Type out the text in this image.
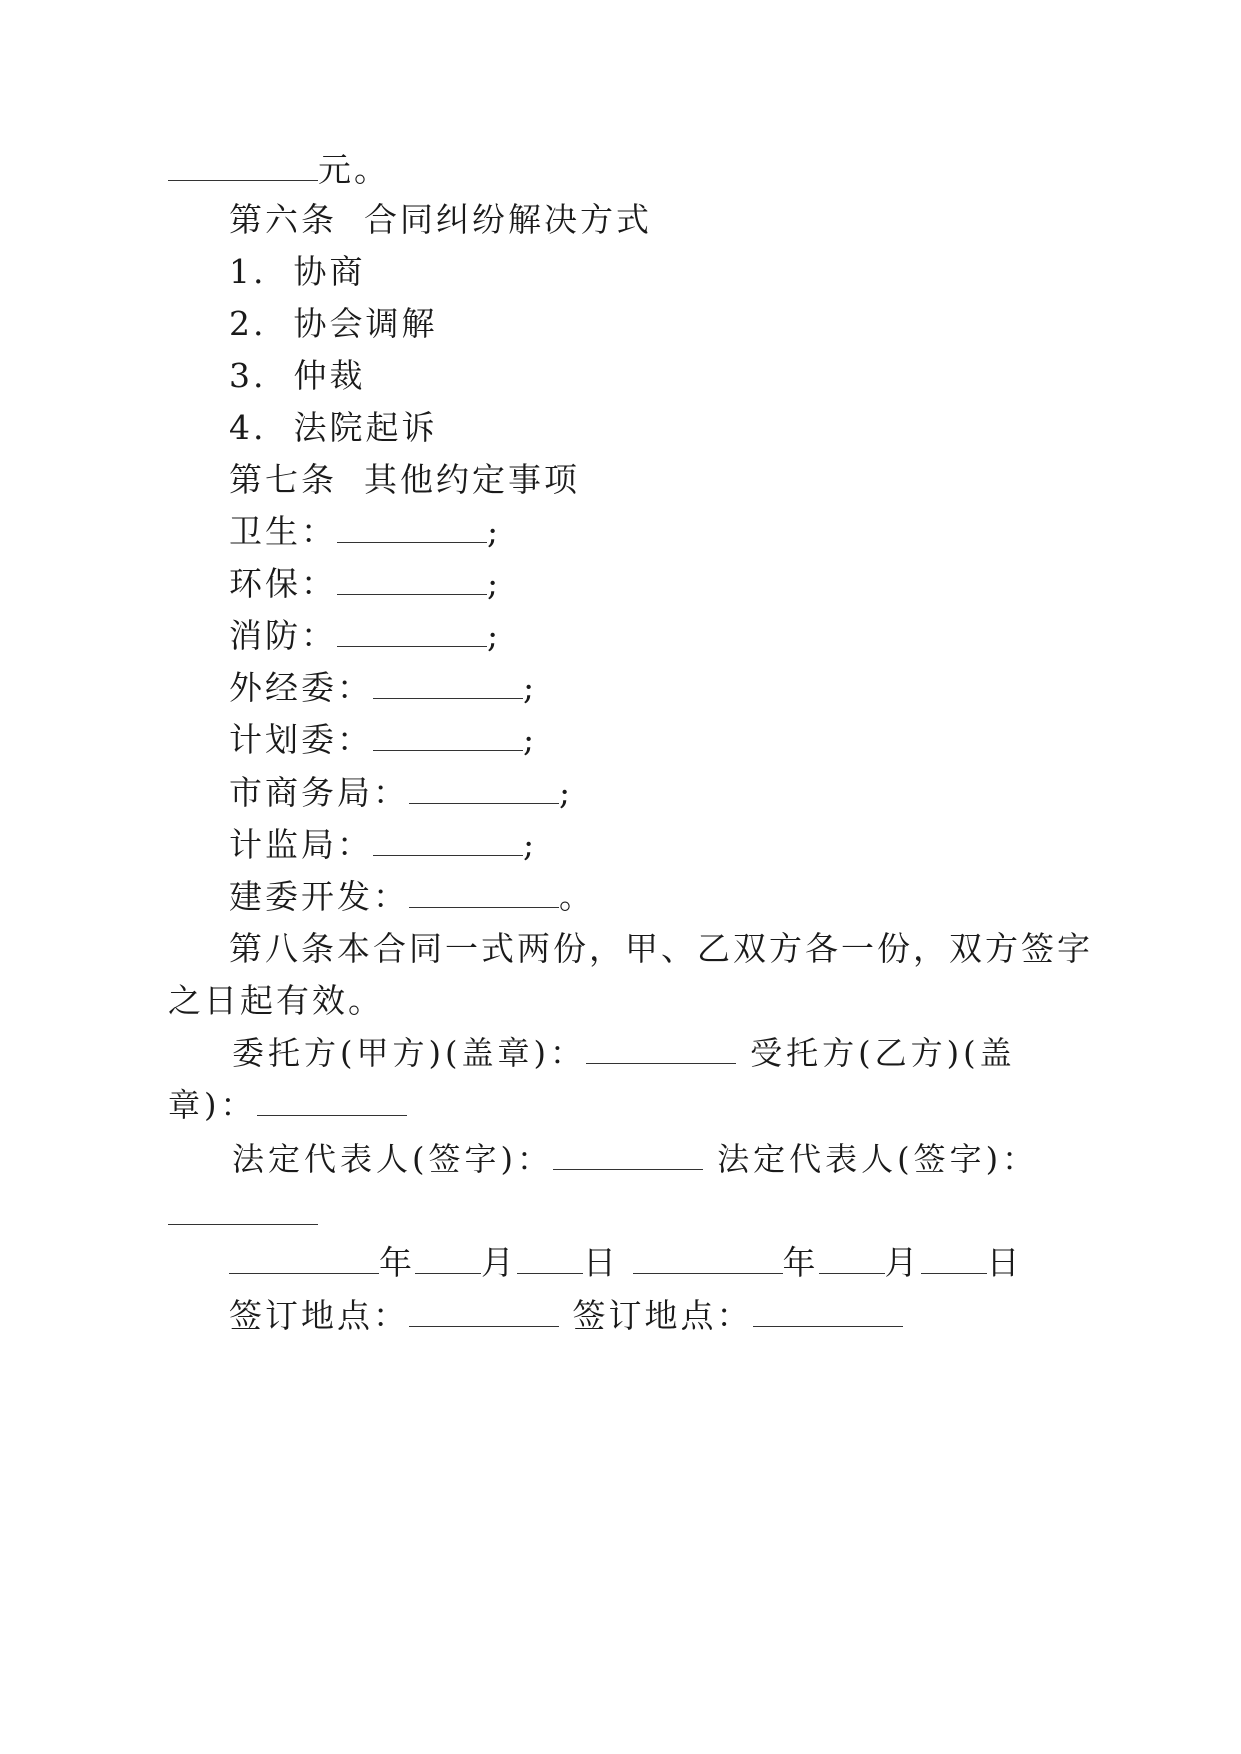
元。
第六条  合同纠纷解决方式
1.  协商
2.  协会调解
3.  仲裁
4.  法院起诉
第七条  其他约定事项
卫生：	;
环保：	;
消防：	;
外经委：	;
计划委：	;
市商务局：	;
计监局：	;
建委开发：	。
第八条本合同一式两份，甲、乙双方各一份，双方签字
之日起有效。
委托方(甲方)(盖章)：	受托方(乙方)(盖
章)：
法定代表人(签字)：	法定代表人(签字)：
年 月 日	年 月 日
签订地点：	签订地点：
